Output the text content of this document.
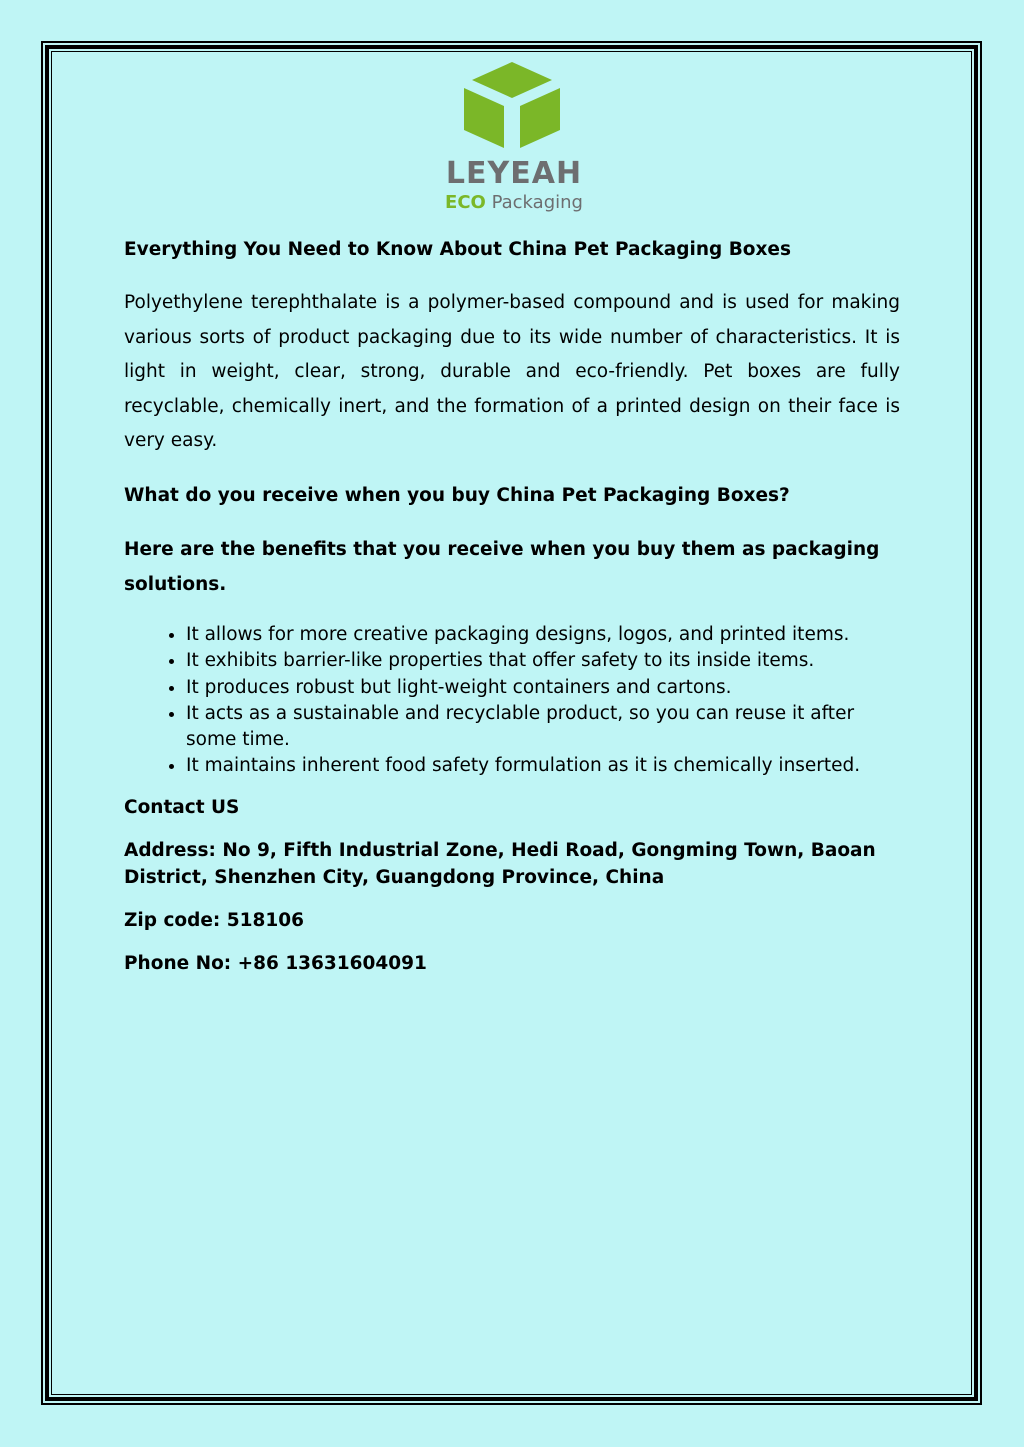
LEYEAH
ECO Packaging
Everything You Need to Know About China Pet Packaging Boxes

Polyethylene terephthalate is a polymer-based compound and is used for making various sorts of product packaging due to its wide number of characteristics. It is light in weight, clear, strong, durable and eco-friendly. Pet boxes are fully recyclable, chemically inert, and the formation of a printed design on their face is very easy.

What do you receive when you buy China Pet Packaging Boxes?
Here are the benefits that you receive when you buy them as packaging solutions.
• It allows for more creative packaging designs, logos, and printed items.
• It exhibits barrier-like properties that offer safety to its inside items.
• It produces robust but light-weight containers and cartons.
• It acts as a sustainable and recyclable product, so you can reuse it after some time.
• It maintains inherent food safety formulation as it is chemically inserted.

Contact US

Address: No 9, Fifth Industrial Zone, Hedi Road, Gongming Town, Baoan District, Shenzhen City, Guangdong Province, China

Zip code: 518106

Phone No: +86 13631604091
